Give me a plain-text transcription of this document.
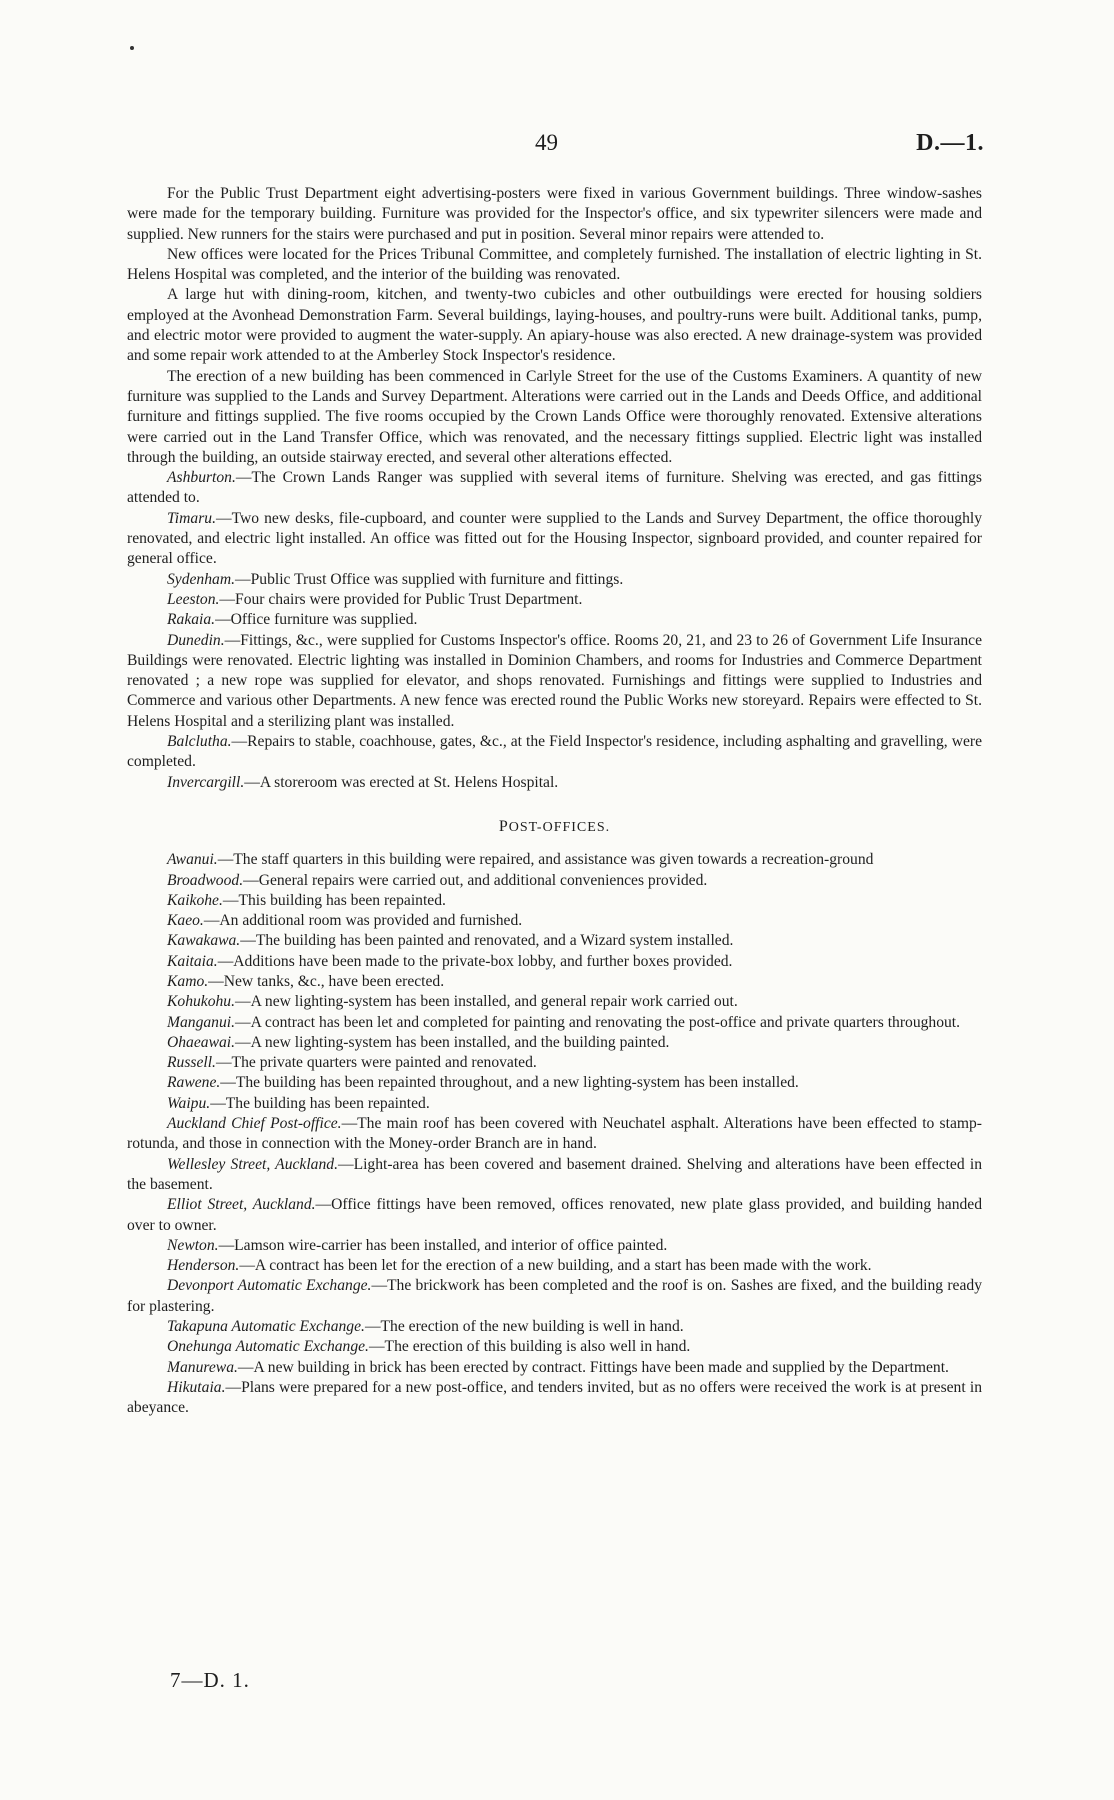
49	D.—1.

For the Public Trust Department eight advertising-posters were fixed in various Government buildings. Three window-sashes were made for the temporary building. Furniture was provided for the Inspector's office, and six typewriter silencers were made and supplied. New runners for the stairs were purchased and put in position. Several minor repairs were attended to.

New offices were located for the Prices Tribunal Committee, and completely furnished. The installation of electric lighting in St. Helens Hospital was completed, and the interior of the building was renovated.

A large hut with dining-room, kitchen, and twenty-two cubicles and other outbuildings were erected for housing soldiers employed at the Avonhead Demonstration Farm. Several buildings, laying-houses, and poultry-runs were built. Additional tanks, pump, and electric motor were provided to augment the water-supply. An apiary-house was also erected. A new drainage-system was provided and some repair work attended to at the Amberley Stock Inspector's residence.

The erection of a new building has been commenced in Carlyle Street for the use of the Customs Examiners. A quantity of new furniture was supplied to the Lands and Survey Department. Alterations were carried out in the Lands and Deeds Office, and additional furniture and fittings supplied. The five rooms occupied by the Crown Lands Office were thoroughly renovated. Extensive alterations were carried out in the Land Transfer Office, which was renovated, and the necessary fittings supplied. Electric light was installed through the building, an outside stairway erected, and several other alterations effected.

Ashburton.—The Crown Lands Ranger was supplied with several items of furniture. Shelving was erected, and gas fittings attended to.

Timaru.—Two new desks, file-cupboard, and counter were supplied to the Lands and Survey Department, the office thoroughly renovated, and electric light installed. An office was fitted out for the Housing Inspector, signboard provided, and counter repaired for general office.

Sydenham.—Public Trust Office was supplied with furniture and fittings.

Leeston.—Four chairs were provided for Public Trust Department.

Rakaia.—Office furniture was supplied.

Dunedin.—Fittings, &c., were supplied for Customs Inspector's office. Rooms 20, 21, and 23 to 26 of Government Life Insurance Buildings were renovated. Electric lighting was installed in Dominion Chambers, and rooms for Industries and Commerce Department renovated ; a new rope was supplied for elevator, and shops renovated. Furnishings and fittings were supplied to Industries and Commerce and various other Departments. A new fence was erected round the Public Works new storeyard. Repairs were effected to St. Helens Hospital and a sterilizing plant was installed.

Balclutha.—Repairs to stable, coachhouse, gates, &c., at the Field Inspector's residence, including asphalting and gravelling, were completed.

Invercargill.—A storeroom was erected at St. Helens Hospital.

POST-OFFICES.

Awanui.—The staff quarters in this building were repaired, and assistance was given towards a recreation-ground

Broadwood.—General repairs were carried out, and additional conveniences provided.

Kaikohe.—This building has been repainted.

Kaeo.—An additional room was provided and furnished.

Kawakawa.—The building has been painted and renovated, and a Wizard system installed.

Kaitaia.—Additions have been made to the private-box lobby, and further boxes provided.

Kamo.—New tanks, &c., have been erected.

Kohukohu.—A new lighting-system has been installed, and general repair work carried out.

Manganui.—A contract has been let and completed for painting and renovating the post-office and private quarters throughout.

Ohaeawai.—A new lighting-system has been installed, and the building painted.

Russell.—The private quarters were painted and renovated.

Rawene.—The building has been repainted throughout, and a new lighting-system has been installed.

Waipu.—The building has been repainted.

Auckland Chief Post-office.—The main roof has been covered with Neuchatel asphalt. Alterations have been effected to stamp-rotunda, and those in connection with the Money-order Branch are in hand.

Wellesley Street, Auckland.—Light-area has been covered and basement drained. Shelving and alterations have been effected in the basement.

Elliot Street, Auckland.—Office fittings have been removed, offices renovated, new plate glass provided, and building handed over to owner.

Newton.—Lamson wire-carrier has been installed, and interior of office painted.

Henderson.—A contract has been let for the erection of a new building, and a start has been made with the work.

Devonport Automatic Exchange.—The brickwork has been completed and the roof is on. Sashes are fixed, and the building ready for plastering.

Takapuna Automatic Exchange.—The erection of the new building is well in hand.

Onehunga Automatic Exchange.—The erection of this building is also well in hand.

Manurewa.—A new building in brick has been erected by contract. Fittings have been made and supplied by the Department.

Hikutaia.—Plans were prepared for a new post-office, and tenders invited, but as no offers were received the work is at present in abeyance.

7—D. 1.
